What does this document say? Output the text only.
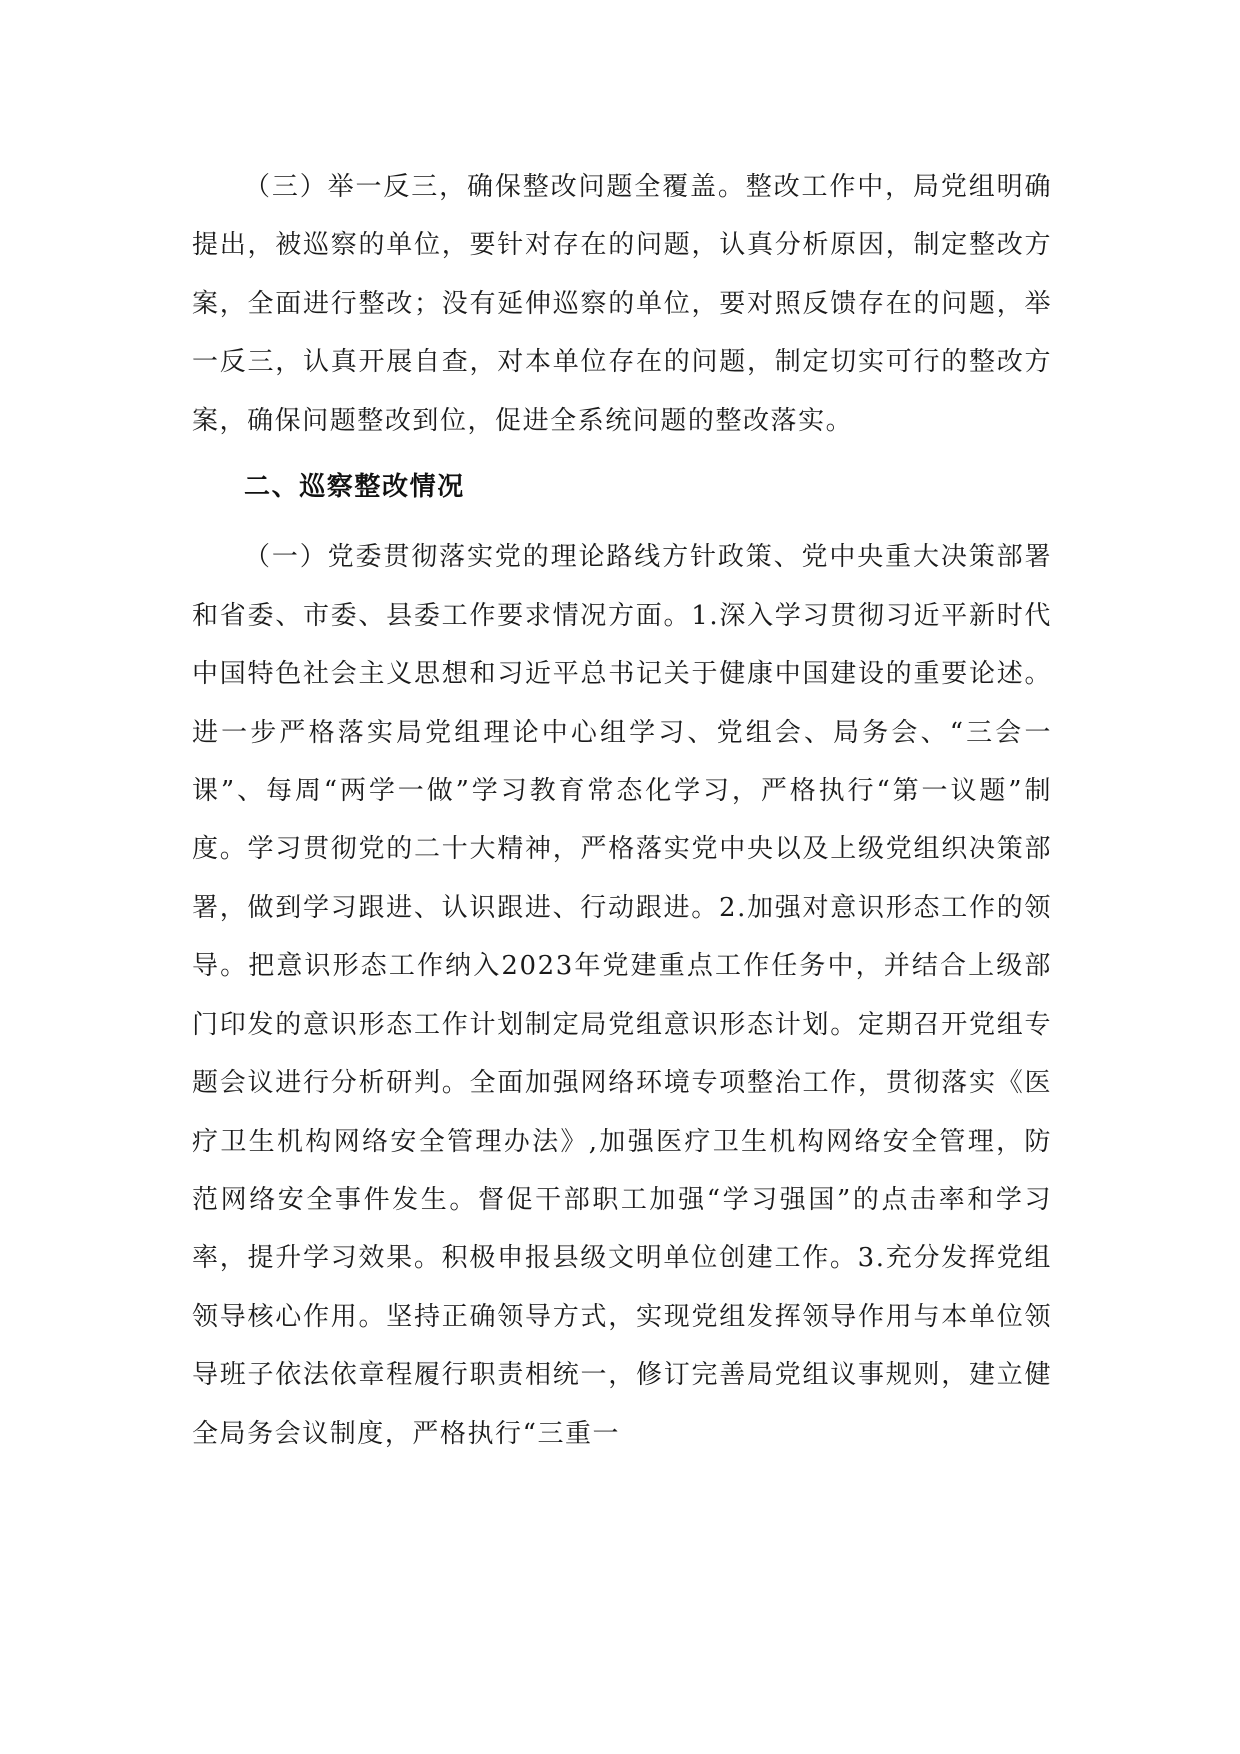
（三）举一反三，确保整改问题全覆盖。整改工作中，局党组明确提出，被巡察的单位，要针对存在的问题，认真分析原因，制定整改方案，全面进行整改；没有延伸巡察的单位，要对照反馈存在的问题，举一反三，认真开展自查，对本单位存在的问题，制定切实可行的整改方案，确保问题整改到位，促进全系统问题的整改落实。

二、巡察整改情况

（一）党委贯彻落实党的理论路线方针政策、党中央重大决策部署和省委、市委、县委工作要求情况方面。1.深入学习贯彻习近平新时代中国特色社会主义思想和习近平总书记关于健康中国建设的重要论述。进一步严格落实局党组理论中心组学习、党组会、局务会、“三会一课”、每周“两学一做”学习教育常态化学习，严格执行“第一议题”制度。学习贯彻党的二十大精神，严格落实党中央以及上级党组织决策部署，做到学习跟进、认识跟进、行动跟进。2.加强对意识形态工作的领导。把意识形态工作纳入2023年党建重点工作任务中，并结合上级部门印发的意识形态工作计划制定局党组意识形态计划。定期召开党组专题会议进行分析研判。全面加强网络环境专项整治工作，贯彻落实《医疗卫生机构网络安全管理办法》,加强医疗卫生机构网络安全管理，防范网络安全事件发生。督促干部职工加强“学习强国”的点击率和学习率，提升学习效果。积极申报县级文明单位创建工作。3.充分发挥党组领导核心作用。坚持正确领导方式，实现党组发挥领导作用与本单位领导班子依法依章程履行职责相统一，修订完善局党组议事规则，建立健全局务会议制度，严格执行“三重一
